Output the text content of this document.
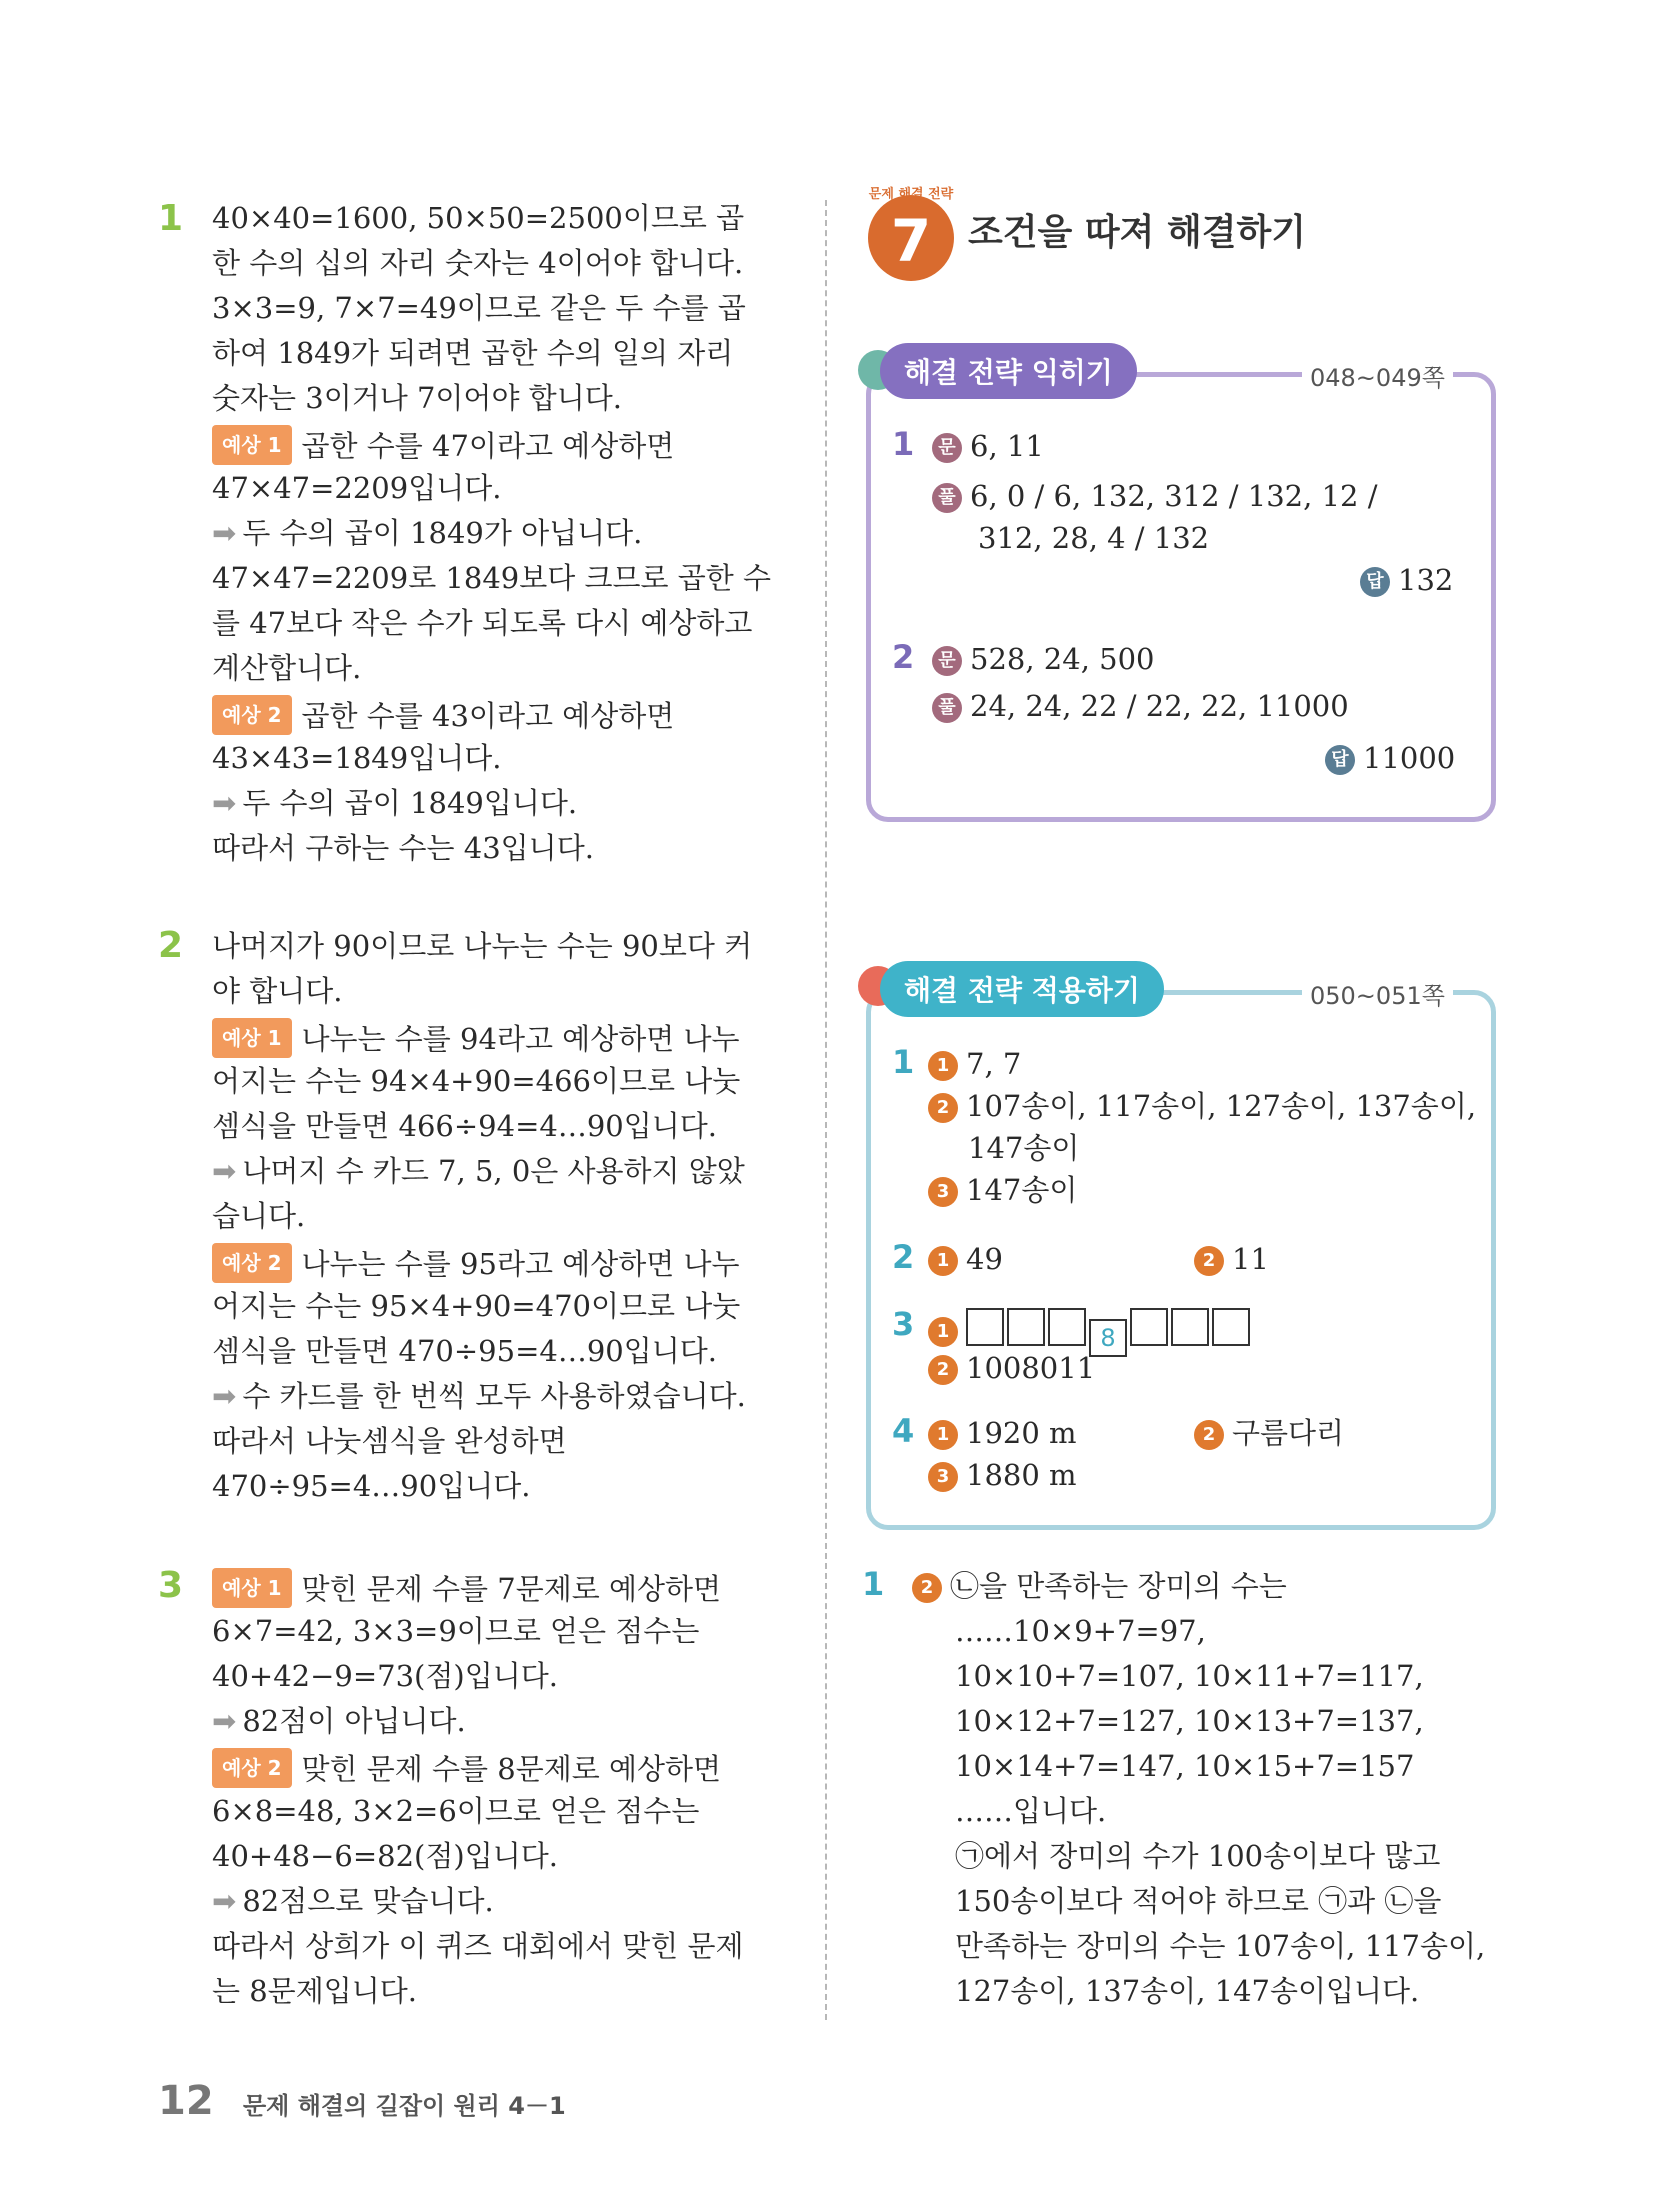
1 40×40=1600, 50×50=2500이므로 곱
한 수의 십의 자리 숫자는 4이어야 합니다.
3×3=9, 7×7=49이므로 같은 두 수를 곱
하여 1849가 되려면 곱한 수의 일의 자리
숫자는 3이거나 7이어야 합니다.
예상 1 곱한 수를 47이라고 예상하면
47×47=2209입니다.
➡ 두 수의 곱이 1849가 아닙니다.
47×47=2209로 1849보다 크므로 곱한 수
를 47보다 작은 수가 되도록 다시 예상하고
계산합니다.
예상 2 곱한 수를 43이라고 예상하면
43×43=1849입니다.
➡ 두 수의 곱이 1849입니다.
따라서 구하는 수는 43입니다.
2 나머지가 90이므로 나누는 수는 90보다 커
야 합니다.
예상 1 나누는 수를 94라고 예상하면 나누
어지는 수는 94×4+90=466이므로 나눗
셈식을 만들면 466÷94=4…90입니다.
➡ 나머지 수 카드 7, 5, 0은 사용하지 않았
습니다.
예상 2 나누는 수를 95라고 예상하면 나누
어지는 수는 95×4+90=470이므로 나눗
셈식을 만들면 470÷95=4…90입니다.
➡ 수 카드를 한 번씩 모두 사용하였습니다.
따라서 나눗셈식을 완성하면
470÷95=4…90입니다.
3	예상 1 맞힌 문제 수를 7문제로 예상하면
6×7=42, 3×3=9이므로 얻은 점수는
40+42−9=73(점)입니다.
➡ 82점이 아닙니다.
예상 2 맞힌 문제 수를 8문제로 예상하면
6×8=48, 3×2=6이므로 얻은 점수는
40+48−6=82(점)입니다.
➡ 82점으로 맞습니다.
따라서 상희가 이 퀴즈 대회에서 맞힌 문제
는 8문제입니다.
문제 해결 전략
7	조건을 따져 해결하기
해결 전략 익히기	048~049쪽
1	문 6, 11
풀 6, 0 / 6, 132, 312 / 132, 12 /
312, 28, 4 / 132
답 132
2	문 528, 24, 500
풀 24, 24, 22 / 22, 22, 11000
답 11000
해결 전략 적용하기	050~051쪽
1	1 7, 7
2 107송이, 117송이, 127송이, 137송이,
147송이
3 147송이
2	1 49	2 11
3	1	8
2 1008011
4	1 1920 m	2 구름다리
3 1880 m
1	2 ㉡을 만족하는 장미의 수는
……10×9+7=97,
10×10+7=107, 10×11+7=117,
10×12+7=127, 10×13+7=137,
10×14+7=147, 10×15+7=157
……입니다.
㉠에서 장미의 수가 100송이보다 많고
150송이보다 적어야 하므로 ㉠과 ㉡을
만족하는 장미의 수는 107송이, 117송이,
127송이, 137송이, 147송이입니다.
12 문제 해결의 길잡이 원리 4－1
